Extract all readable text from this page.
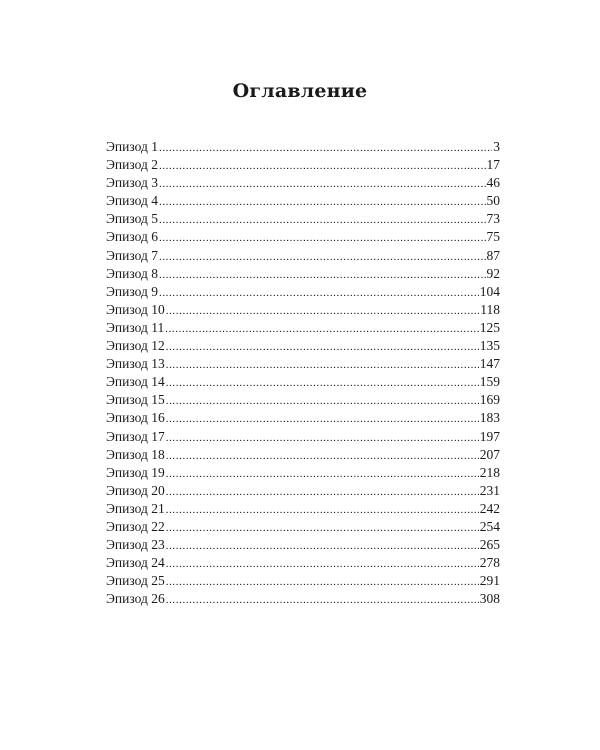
Оглавление
Эпизод 1 .....	3
Эпизод 2 .....	17
Эпизод 3 .....	46
Эпизод 4 .....	50
Эпизод 5 .....	73
Эпизод 6 .....	75
Эпизод 7 .....	87
Эпизод 8 .....	92
Эпизод 9 .....	104
Эпизод 10 .....	118
Эпизод 11 .....	125
Эпизод 12 .....	135
Эпизод 13 .....	147
Эпизод 14 .....	159
Эпизод 15 .....	169
Эпизод 16 .....	183
Эпизод 17 .....	197
Эпизод 18 .....	207
Эпизод 19 .....	218
Эпизод 20 .....	231
Эпизод 21 .....	242
Эпизод 22 .....	254
Эпизод 23 .....	265
Эпизод 24 .....	278
Эпизод 25 .....	291
Эпизод 26 .....	308
